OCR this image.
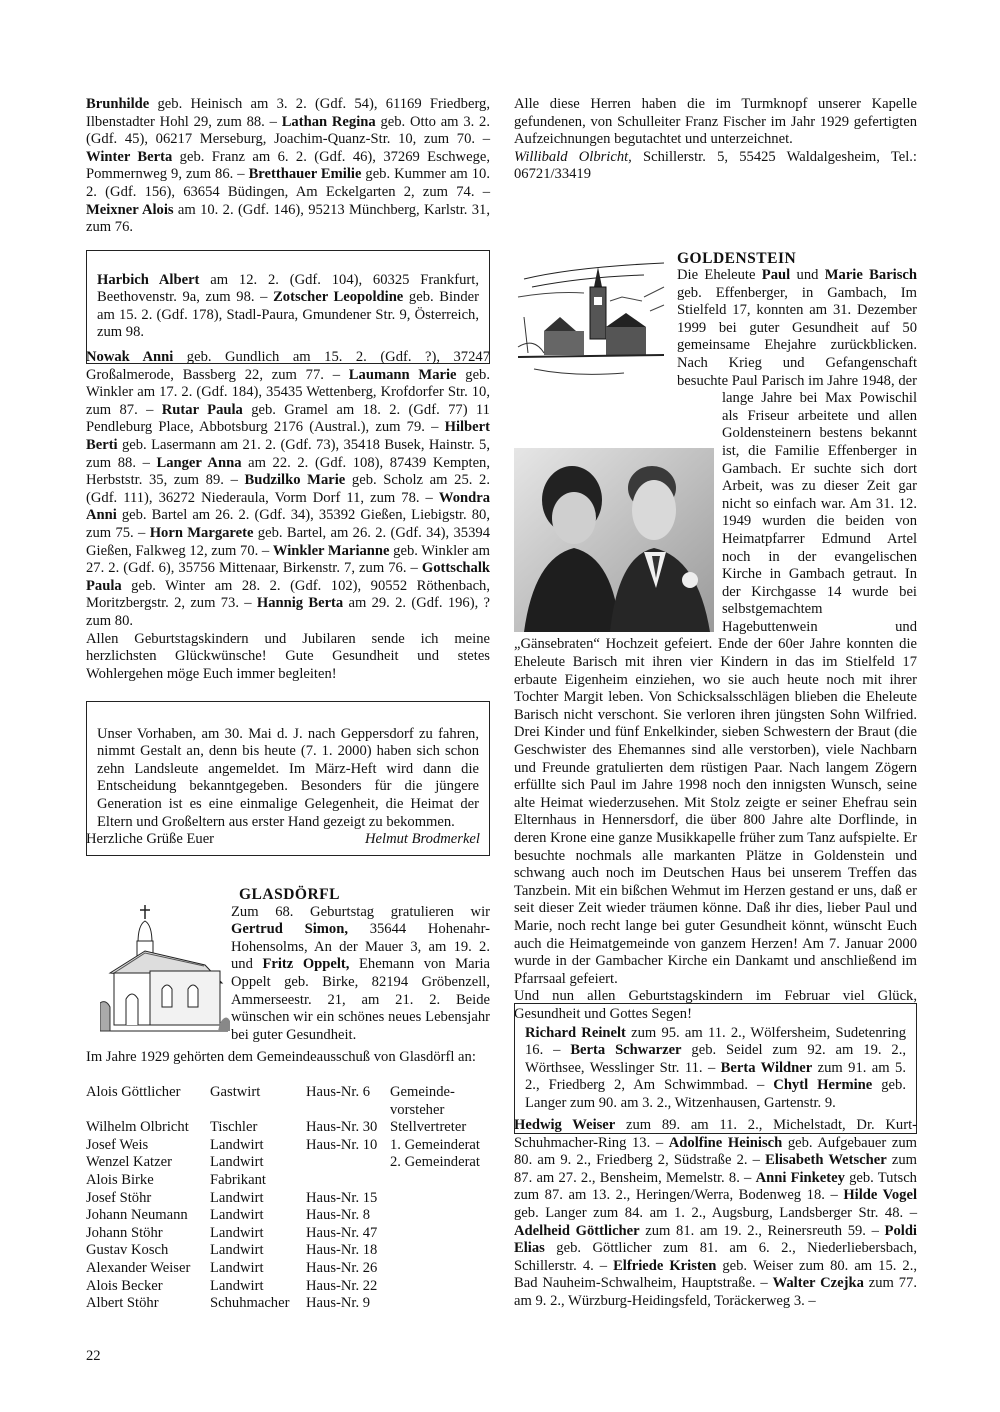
Brunhilde geb. Heinisch am 3. 2. (Gdf. 54), 61169 Friedberg, Ilbenstadter Hohl 29, zum 88. – Lathan Regina geb. Otto am 3. 2. (Gdf. 45), 06217 Merseburg, Joachim-Quanz-Str. 10, zum 70. – Winter Berta geb. Franz am 6. 2. (Gdf. 46), 37269 Eschwege, Pommernweg 9, zum 86. – Bretthauer Emilie geb. Kummer am 10. 2. (Gdf. 156), 63654 Büdingen, Am Eckelgarten 2, zum 74. – Meixner Alois am 10. 2. (Gdf. 146), 95213 Münchberg, Karlstr. 31, zum 76.

Harbich Albert am 12. 2. (Gdf. 104), 60325 Frankfurt, Beethovenstr. 9a, zum 98. – Zotscher Leopoldine geb. Binder am 15. 2. (Gdf. 178), Stadl-Paura, Gmundener Str. 9, Österreich, zum 98.

Nowak Anni geb. Gundlich am 15. 2. (Gdf. ?), 37247 Großalmerode, Bassberg 22, zum 77. – Laumann Marie geb. Winkler am 17. 2. (Gdf. 184), 35435 Wettenberg, Krofdorfer Str. 10, zum 87. – Rutar Paula geb. Gramel am 18. 2. (Gdf. 77) 11 Pendleburg Place, Abbotsburg 2176 (Austral.), zum 79. – Hilbert Berti geb. Lasermann am 21. 2. (Gdf. 73), 35418 Busek, Hainstr. 5, zum 88. – Langer Anna am 22. 2. (Gdf. 108), 87439 Kempten, Herbststr. 35, zum 89. – Budzilko Marie geb. Scholz am 25. 2. (Gdf. 111), 36272 Niederaula, Vorm Dorf 11, zum 78. – Wondra Anni geb. Bartel am 26. 2. (Gdf. 34), 35392 Gießen, Liebigstr. 80, zum 75. – Horn Margarete geb. Bartel, am 26. 2. (Gdf. 34), 35394 Gießen, Falkweg 12, zum 70. – Winkler Marianne geb. Winkler am 27. 2. (Gdf. 6), 35756 Mittenaar, Birkenstr. 7, zum 76. – Gottschalk Paula geb. Winter am 28. 2. (Gdf. 102), 90552 Röthenbach, Moritzbergstr. 2, zum 73. – Hannig Berta am 29. 2. (Gdf. 196), ? zum 80.

Allen Geburtstagskindern und Jubilaren sende ich meine herzlichsten Glückwünsche! Gute Gesundheit und stetes Wohlergehen möge Euch immer begleiten!

Unser Vorhaben, am 30. Mai d. J. nach Geppersdorf zu fahren, nimmt Gestalt an, denn bis heute (7. 1. 2000) haben sich schon zehn Landsleute angemeldet. Im März-Heft wird dann die Entscheidung bekanntgegeben. Besonders für die jüngere Generation ist es eine einmalige Gelegenheit, die Heimat der Eltern und Großeltern aus erster Hand gezeigt zu bekommen.

Herzliche Grüße Euer	Helmut Brodmerkel

GLASDÖRFL

Zum 68. Geburtstag gratulieren wir Gertrud Simon, 35644 Hohenahr-Hohensolms, An der Mauer 3, am 19. 2. und Fritz Oppelt, Ehemann von Maria Oppelt geb. Birke, 82194 Gröbenzell, Ammerseestr. 21, am 21. 2. Beide wünschen wir ein schönes neues Lebensjahr bei guter Gesundheit.

Im Jahre 1929 gehörten dem Gemeindeausschuß von Glasdörfl an:

Alois Göttlicher	Gastwirt	Haus-Nr. 6	Gemeinde- vorsteher
Wilhelm Olbricht	Tischler	Haus-Nr. 30	Stellvertreter
Josef Weis	Landwirt	Haus-Nr. 10	1. Gemeinderat
Wenzel Katzer	Landwirt		2. Gemeinderat
Alois Birke	Fabrikant		
Josef Stöhr	Landwirt	Haus-Nr. 15	
Johann Neumann	Landwirt	Haus-Nr. 8	
Johann Stöhr	Landwirt	Haus-Nr. 47	
Gustav Kosch	Landwirt	Haus-Nr. 18	
Alexander Weiser	Landwirt	Haus-Nr. 26	
Alois Becker	Landwirt	Haus-Nr. 22	
Albert Stöhr	Schuhmacher	Haus-Nr. 9	
22

Alle diese Herren haben die im Turmknopf unserer Kapelle gefundenen, von Schulleiter Franz Fischer im Jahr 1929 gefertigten Aufzeichnungen begutachtet und unterzeichnet.

Willibald Olbricht, Schillerstr. 5, 55425 Waldalgesheim, Tel.: 06721/33419

GOLDENSTEIN

Die Eheleute Paul und Marie Barisch geb. Effenberger, in Gambach, Im Stielfeld 17, konnten am 31. Dezember 1999 bei guter Gesundheit auf 50 gemeinsame Ehejahre zurückblicken. Nach Krieg und Gefangenschaft besuchte Paul Parisch im Jahre 1948, der lange Jahre bei Max Powischil als Friseur arbeitete und allen Goldensteinern bestens bekannt ist, die Familie Effenberger in Gambach. Er suchte sich dort Arbeit, was zu dieser Zeit gar nicht so einfach war. Am 31. 12. 1949 wurden die beiden von Heimatpfarrer Edmund Artel noch in der evangelischen Kirche in Gambach getraut. In der Kirchgasse 14 wurde bei selbstgemachtem Hagebuttenwein und „Gänsebraten“ Hochzeit gefeiert. Ende der 60er Jahre konnten die Eheleute Barisch mit ihren vier Kindern in das im Stielfeld 17 erbaute Eigenheim einziehen, wo sie auch heute noch mit ihrer Tochter Margit leben. Von Schicksalsschlägen blieben die Eheleute Barisch nicht verschont. Sie verloren ihren jüngsten Sohn Wilfried. Drei Kinder und fünf Enkelkinder, sieben Schwestern der Braut (die Geschwister des Ehemannes sind alle verstorben), viele Nachbarn und Freunde gratulierten dem rüstigen Paar. Nach langem Zögern erfüllte sich Paul im Jahre 1998 noch den innigsten Wunsch, seine alte Heimat wiederzusehen. Mit Stolz zeigte er seiner Ehefrau sein Elternhaus in Hennersdorf, die über 800 Jahre alte Dorflinde, in deren Krone eine ganze Musikkapelle früher zum Tanz aufspielte. Er besuchte nochmals alle markanten Plätze in Goldenstein und schwang auch noch im Deutschen Haus bei unserem Treffen das Tanzbein. Mit ein bißchen Wehmut im Herzen gestand er uns, daß er seit dieser Zeit wieder träumen könne. Daß ihr dies, lieber Paul und Marie, noch recht lange bei guter Gesundheit könnt, wünscht Euch auch die Heimatgemeinde von ganzem Herzen! Am 7. Januar 2000 wurde in der Gambacher Kirche ein Dankamt und anschließend im Pfarrsaal gefeiert.

Und nun allen Geburtstagskindern im Februar viel Glück, Gesundheit und Gottes Segen!

Richard Reinelt zum 95. am 11. 2., Wölfersheim, Sudetenring 16. – Berta Schwarzer geb. Seidel zum 92. am 19. 2., Wörthsee, Wesslinger Str. 11. – Berta Wildner zum 91. am 5. 2., Friedberg 2, Am Schwimmbad. – Chytl Hermine geb. Langer zum 90. am 3. 2., Witzenhausen, Gartenstr. 9.

Hedwig Weiser zum 89. am 11. 2., Michelstadt, Dr. Kurt-Schuhmacher-Ring 13. – Adolfine Heinisch geb. Aufgebauer zum 80. am 9. 2., Friedberg 2, Südstraße 2. – Elisabeth Wetscher zum 87. am 27. 2., Bensheim, Memelstr. 8. – Anni Finketey geb. Tutsch zum 87. am 13. 2., Heringen/Werra, Bodenweg 18. – Hilde Vogel geb. Langer zum 84. am 1. 2., Augsburg, Landsberger Str. 48. – Adelheid Göttlicher zum 81. am 19. 2., Reinersreuth 59. – Poldi Elias geb. Göttlicher zum 81. am 6. 2., Niederliebersbach, Schillerstr. 4. – Elfriede Kristen geb. Weiser zum 80. am 15. 2., Bad Nauheim-Schwalheim, Hauptstraße. – Walter Czejka zum 77. am 9. 2., Würzburg-Heidingsfeld, Toräckerweg 3. –
